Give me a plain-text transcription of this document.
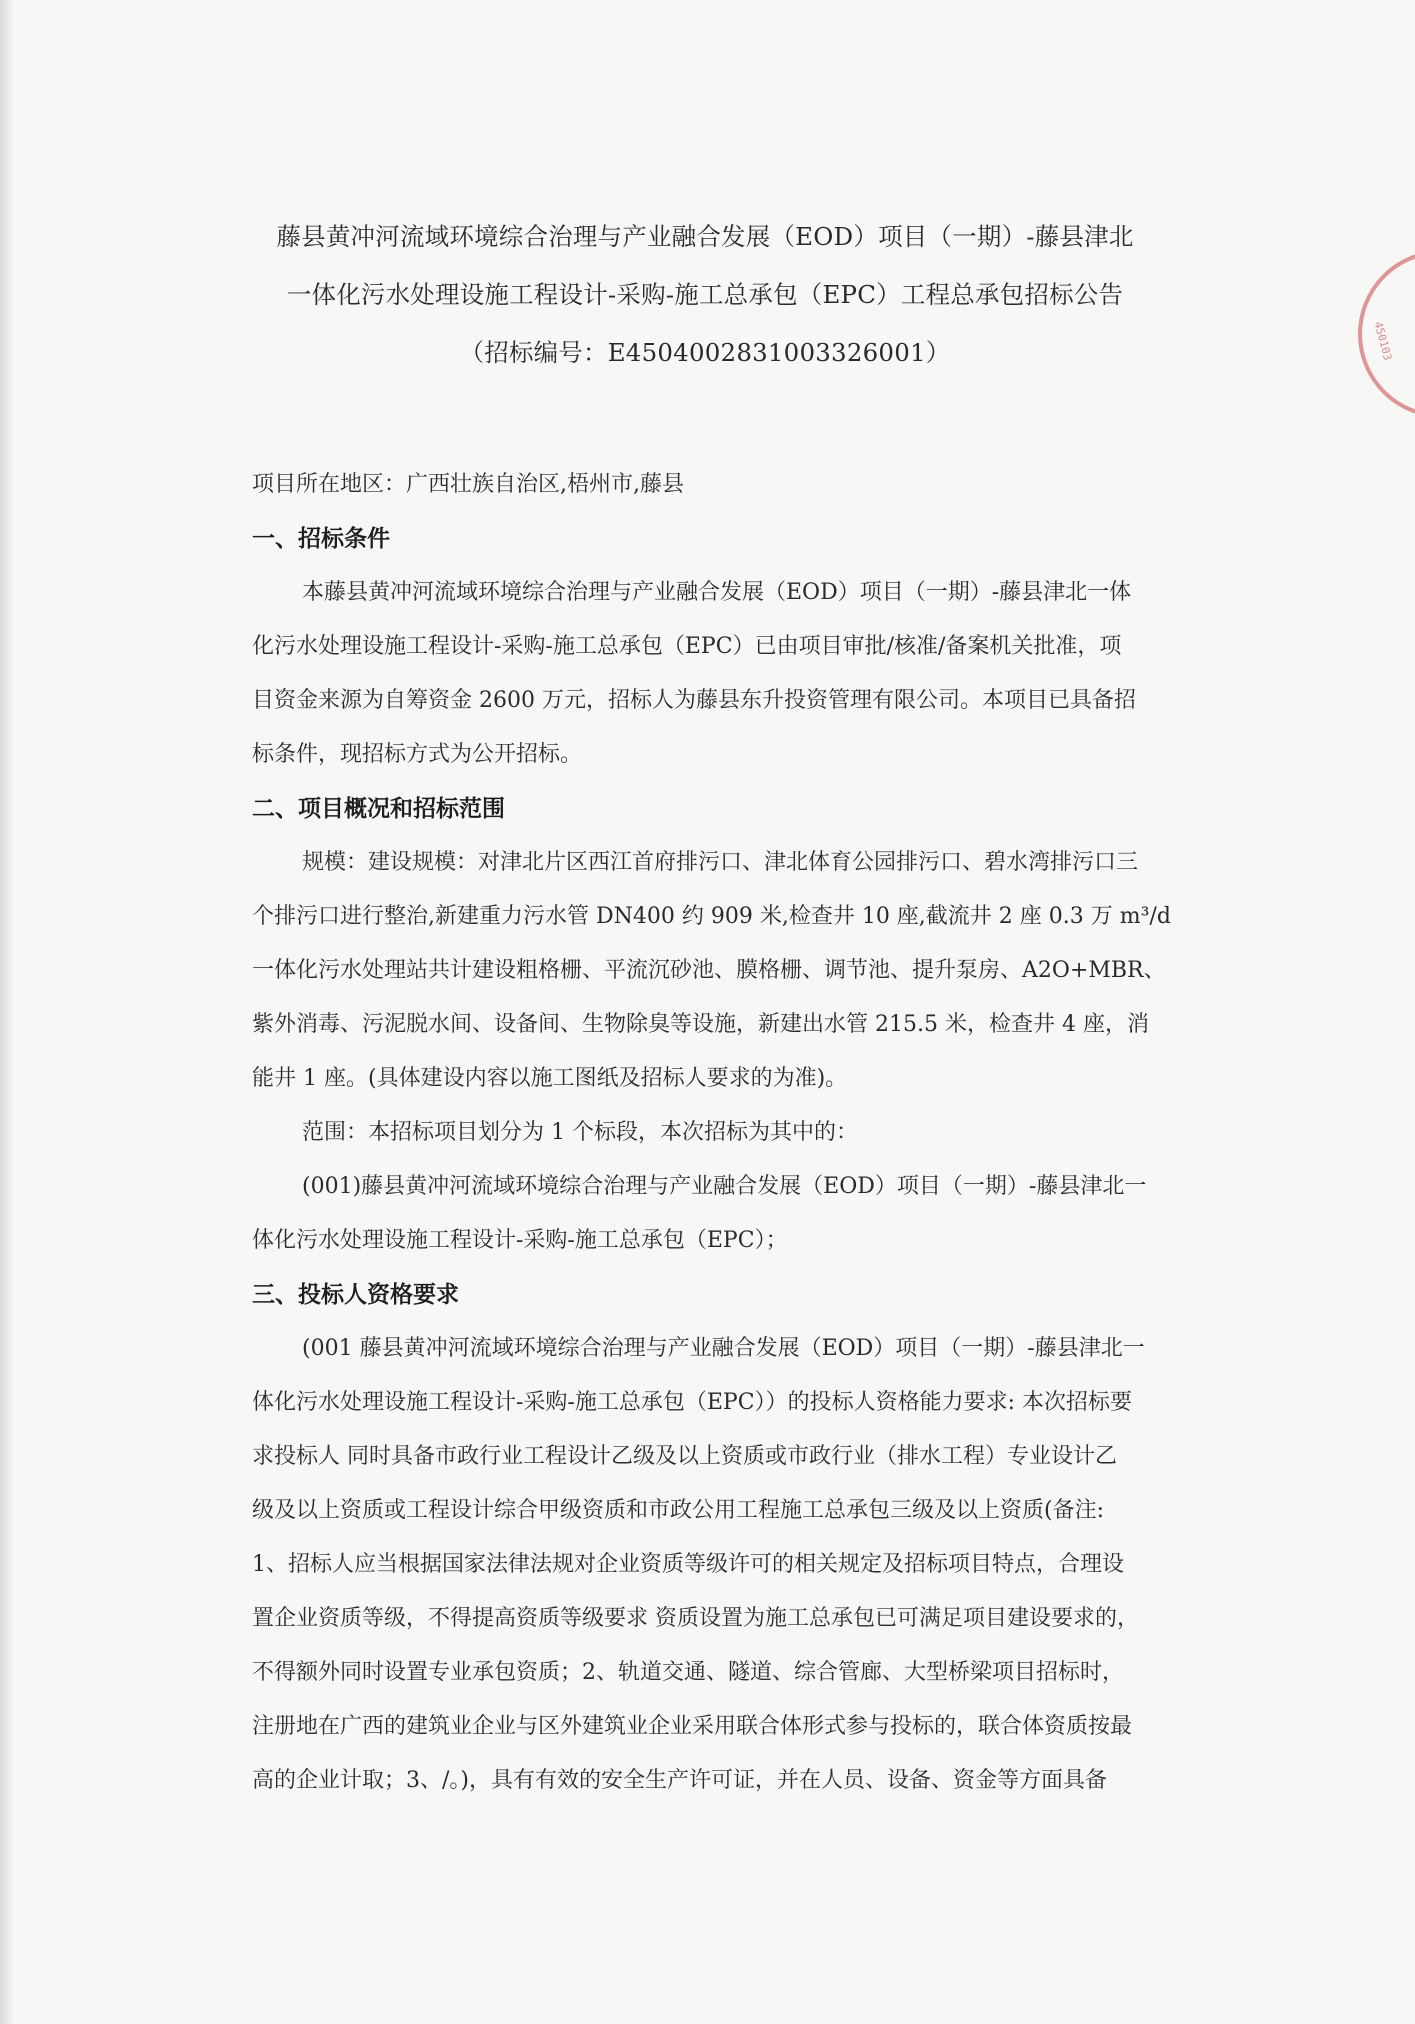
450103
藤县黄冲河流域环境综合治理与产业融合发展（EOD）项目（一期）-藤县津北
一体化污水处理设施工程设计-采购-施工总承包（EPC）工程总承包招标公告
（招标编号：E4504002831003326001）
项目所在地区：广西壮族自治区,梧州市,藤县
一、招标条件
本藤县黄冲河流域环境综合治理与产业融合发展（EOD）项目（一期）-藤县津北一体
化污水处理设施工程设计-采购-施工总承包（EPC）已由项目审批/核准/备案机关批准，项
目资金来源为自筹资金 2600 万元，招标人为藤县东升投资管理有限公司。本项目已具备招
标条件，现招标方式为公开招标。
二、项目概况和招标范围
规模：建设规模：对津北片区西江首府排污口、津北体育公园排污口、碧水湾排污口三
个排污口进行整治,新建重力污水管 DN400 约 909 米,检查井 10 座,截流井 2 座 0.3 万 m³/d
一体化污水处理站共计建设粗格栅、平流沉砂池、膜格栅、调节池、提升泵房、A2O+MBR、
紫外消毒、污泥脱水间、设备间、生物除臭等设施，新建出水管 215.5 米，检查井 4 座，消
能井 1 座。(具体建设内容以施工图纸及招标人要求的为准)。
范围：本招标项目划分为 1 个标段，本次招标为其中的：
(001)藤县黄冲河流域环境综合治理与产业融合发展（EOD）项目（一期）-藤县津北一
体化污水处理设施工程设计-采购-施工总承包（EPC）；
三、投标人资格要求
(001 藤县黄冲河流域环境综合治理与产业融合发展（EOD）项目（一期）-藤县津北一
体化污水处理设施工程设计-采购-施工总承包（EPC））的投标人资格能力要求: 本次招标要
求投标人 同时具备市政行业工程设计乙级及以上资质或市政行业（排水工程）专业设计乙
级及以上资质或工程设计综合甲级资质和市政公用工程施工总承包三级及以上资质(备注:
1、招标人应当根据国家法律法规对企业资质等级许可的相关规定及招标项目特点，合理设
置企业资质等级，不得提高资质等级要求 资质设置为施工总承包已可满足项目建设要求的，
不得额外同时设置专业承包资质；2、轨道交通、隧道、综合管廊、大型桥梁项目招标时，
注册地在广西的建筑业企业与区外建筑业企业采用联合体形式参与投标的，联合体资质按最
高的企业计取；3、/。)，具有有效的安全生产许可证，并在人员、设备、资金等方面具备
